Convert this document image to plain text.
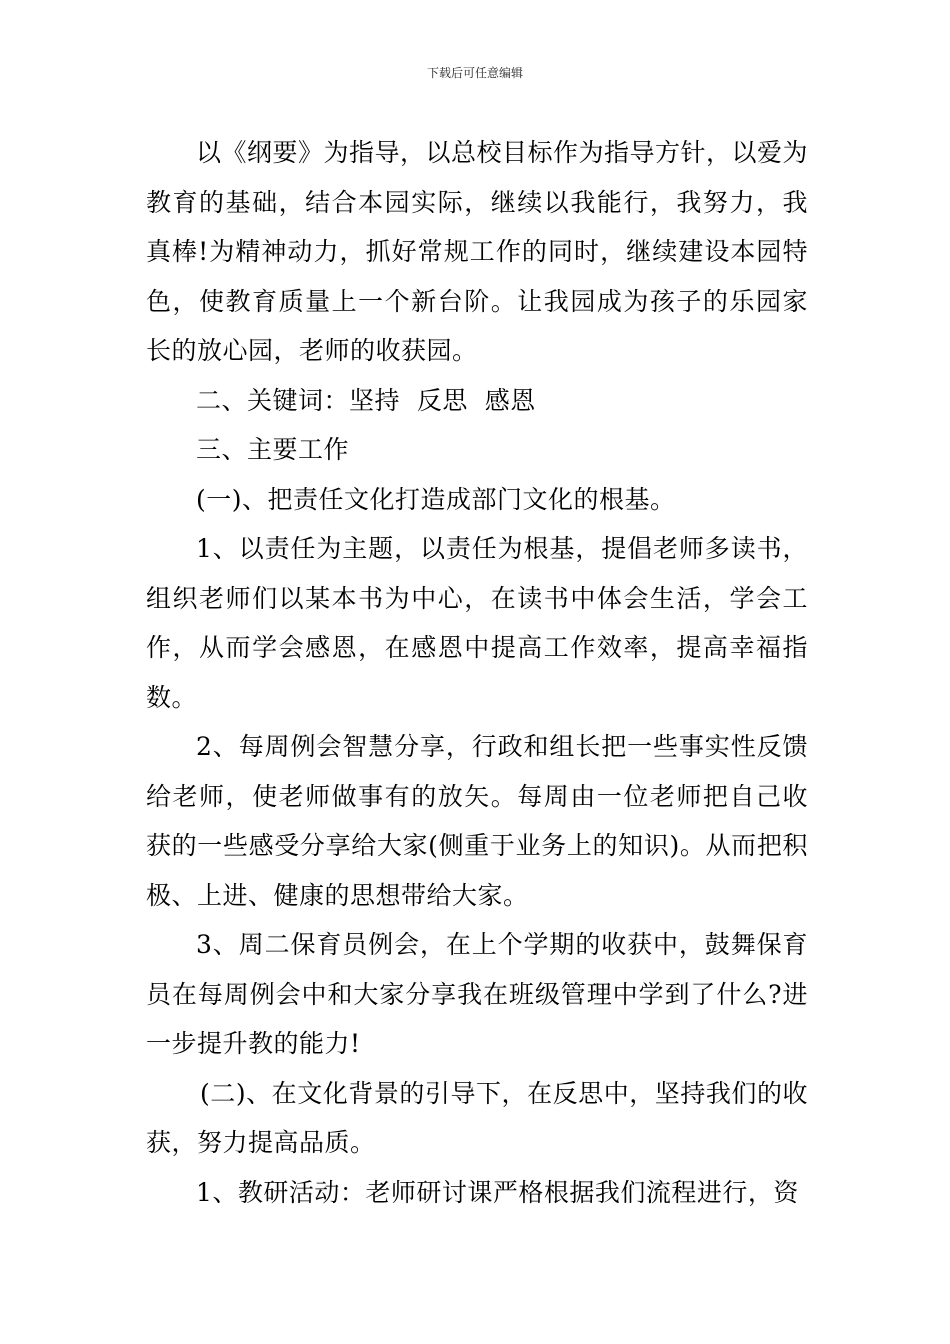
下载后可任意编辑

以《纲要》为指导，以总校目标作为指导方针，以爱为教育的基础，结合本园实际，继续以我能行，我努力，我真棒!为精神动力，抓好常规工作的同时，继续建设本园特色，使教育质量上一个新台阶。让我园成为孩子的乐园家长的放心园，老师的收获园。

二、关键词：坚持  反思  感恩

三、主要工作

(一)、把责任文化打造成部门文化的根基。

1、以责任为主题，以责任为根基，提倡老师多读书，组织老师们以某本书为中心，在读书中体会生活，学会工作，从而学会感恩，在感恩中提高工作效率，提高幸福指数。

2、每周例会智慧分享，行政和组长把一些事实性反馈给老师，使老师做事有的放矢。每周由一位老师把自己收获的一些感受分享给大家(侧重于业务上的知识)。从而把积极、上进、健康的思想带给大家。

3、周二保育员例会，在上个学期的收获中，鼓舞保育员在每周例会中和大家分享我在班级管理中学到了什么?进一步提升教的能力!

(二)、在文化背景的引导下，在反思中，坚持我们的收获，努力提高品质。

1、教研活动：老师研讨课严格根据我们流程进行，资
